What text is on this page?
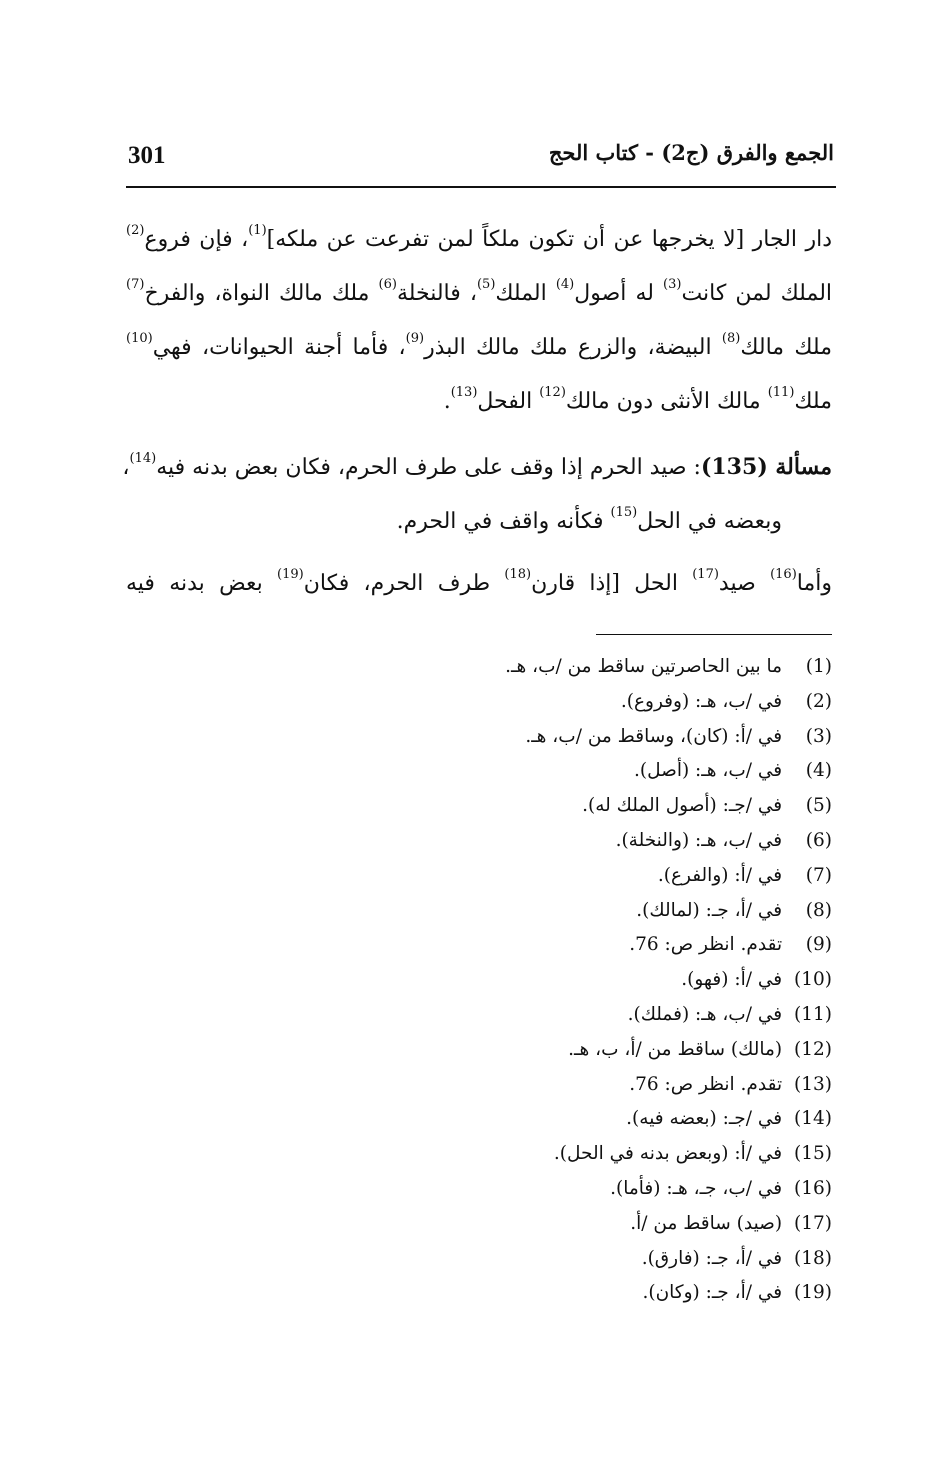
301	الجمع والفرق (ج2) - كتاب الحج
دار الجار [لا يخرجها عن أن تكون ملكاً لمن تفرعت عن ملكه]$^{(1)}$، فإن فروع$^{(2)}$
الملك لمن كانت$^{(3)}$ له أصول$^{(4)}$ الملك$^{(5)}$، فالنخلة$^{(6)}$ ملك مالك النواة، والفرخ$^{(7)}$
ملك مالك$^{(8)}$ البيضة، والزرع ملك مالك البذر$^{(9)}$، فأما أجنة الحيوانات، فهي$^{(10)}$
ملك$^{(11)}$ مالك الأنثى دون مالك$^{(12)}$ الفحل$^{(13)}$.
مسألة (135): صيد الحرم إذا وقف على طرف الحرم، فكان بعض بدنه فيه$^{(14)}$،
وبعضه في الحل$^{(15)}$ فكأنه واقف في الحرم.
وأما$^{(16)}$ صيد$^{(17)}$ الحل [إذا قارن$^{(18)}$ طرف الحرم، فكان$^{(19)}$ بعض بدنه فيه
(1) ما بين الحاصرتين ساقط من /ب، هـ.
(2) في /ب، هـ: (وفروع).
(3) في /أ: (كان)، وساقط من /ب، هـ.
(4) في /ب، هـ: (أصل).
(5) في /جـ: (أصول الملك له).
(6) في /ب، هـ: (والنخلة).
(7) في /أ: (والفرع).
(8) في /أ، جـ: (لمالك).
(9) تقدم. انظر ص: 76.
(10) في /أ: (فهو).
(11) في /ب، هـ: (فملك).
(12) (مالك) ساقط من /أ، ب، هـ.
(13) تقدم. انظر ص: 76.
(14) في /جـ: (بعضه فيه).
(15) في /أ: (وبعض بدنه في الحل).
(16) في /ب، جـ، هـ: (فأما).
(17) (صيد) ساقط من /أ.
(18) في /أ، جـ: (فارق).
(19) في /أ، جـ: (وكان).
